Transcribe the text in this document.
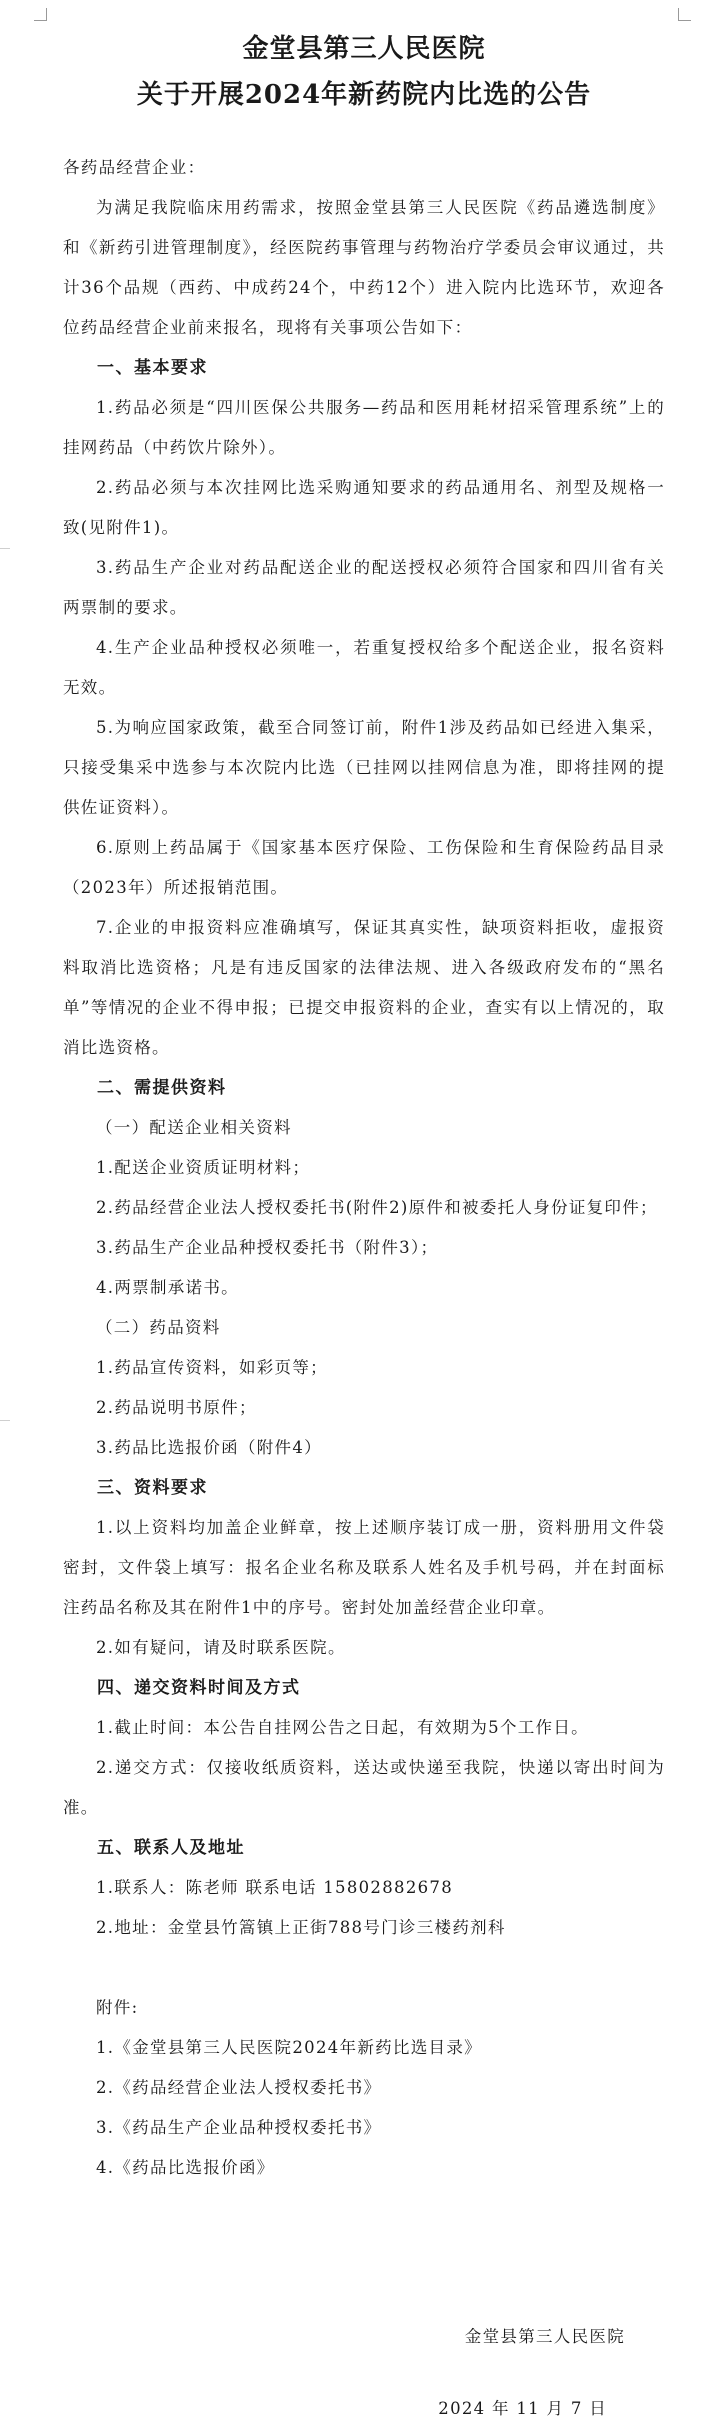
金堂县第三人民医院
关于开展2024年新药院内比选的公告

各药品经营企业：

为满足我院临床用药需求，按照金堂县第三人民医院《药品遴选制度》和《新药引进管理制度》，经医院药事管理与药物治疗学委员会审议通过，共计36个品规（西药、中成药24个，中药12个）进入院内比选环节，欢迎各位药品经营企业前来报名，现将有关事项公告如下：

一、基本要求

1.药品必须是“四川医保公共服务—药品和医用耗材招采管理系统”上的挂网药品（中药饮片除外）。

2.药品必须与本次挂网比选采购通知要求的药品通用名、剂型及规格一致(见附件1)。

3.药品生产企业对药品配送企业的配送授权必须符合国家和四川省有关两票制的要求。

4.生产企业品种授权必须唯一，若重复授权给多个配送企业，报名资料无效。

5.为响应国家政策，截至合同签订前，附件1涉及药品如已经进入集采，只接受集采中选参与本次院内比选（已挂网以挂网信息为准，即将挂网的提供佐证资料）。

6.原则上药品属于《国家基本医疗保险、工伤保险和生育保险药品目录（2023年）所述报销范围。

7.企业的申报资料应准确填写，保证其真实性，缺项资料拒收，虚报资料取消比选资格；凡是有违反国家的法律法规、进入各级政府发布的“黑名单”等情况的企业不得申报；已提交申报资料的企业，查实有以上情况的，取消比选资格。

二、需提供资料

（一）配送企业相关资料

1.配送企业资质证明材料；

2.药品经营企业法人授权委托书(附件2)原件和被委托人身份证复印件；

3.药品生产企业品种授权委托书（附件3）；

4.两票制承诺书。

（二）药品资料

1.药品宣传资料，如彩页等；

2.药品说明书原件；

3.药品比选报价函（附件4）

三、资料要求

1.以上资料均加盖企业鲜章，按上述顺序装订成一册，资料册用文件袋密封，文件袋上填写：报名企业名称及联系人姓名及手机号码，并在封面标注药品名称及其在附件1中的序号。密封处加盖经营企业印章。

2.如有疑问，请及时联系医院。

四、递交资料时间及方式

1.截止时间：本公告自挂网公告之日起，有效期为5个工作日。

2.递交方式：仅接收纸质资料，送达或快递至我院，快递以寄出时间为准。

五、联系人及地址

1.联系人：陈老师 联系电话 15802882678

2.地址：金堂县竹篙镇上正街788号门诊三楼药剂科

附件:

1.《金堂县第三人民医院2024年新药比选目录》

2.《药品经营企业法人授权委托书》

3.《药品生产企业品种授权委托书》

4.《药品比选报价函》

金堂县第三人民医院
2024 年 11 月 7 日
